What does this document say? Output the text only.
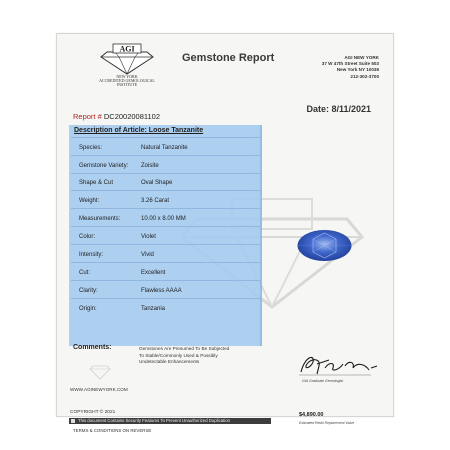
AGI
NEW YORK
ACCREDITED GEMOLOGICAL
INSTITUTE
Gemstone Report	AGI NEW YORK
37 W 47th Street Suite 503
New York NY 10036
212-302-3700
Report # DC20020081102
Date: 8/11/2021
Description of Article: Loose Tanzanite
Species:	Natural Tanzanite
Gemstone Variety: Zoisite
Shape & Cut	Oval Shape
Weight:	3.26 Carat
Measurements:	10.00 x 8.00 MM
Color:	Violet
Intensity:	Vivid
Cut:	Excellent
Clarity:	Flawless AAAA
Origin:	Tanzania
Comments:	Gemstones Are Presumed To Be Subjected
To Stable/Commonly Used & Possibly
Undetectable Enhancements
GIA Graduate Gemologist
WWW.AGINEWYORK.COM
COPYRIGHT © 2021
This document Contains Security Features To Prevent Unauthorized Duplication
TERMS & CONDITIONS ON REVERSE
$4,890.00
Estimated Retail Replacement Value
